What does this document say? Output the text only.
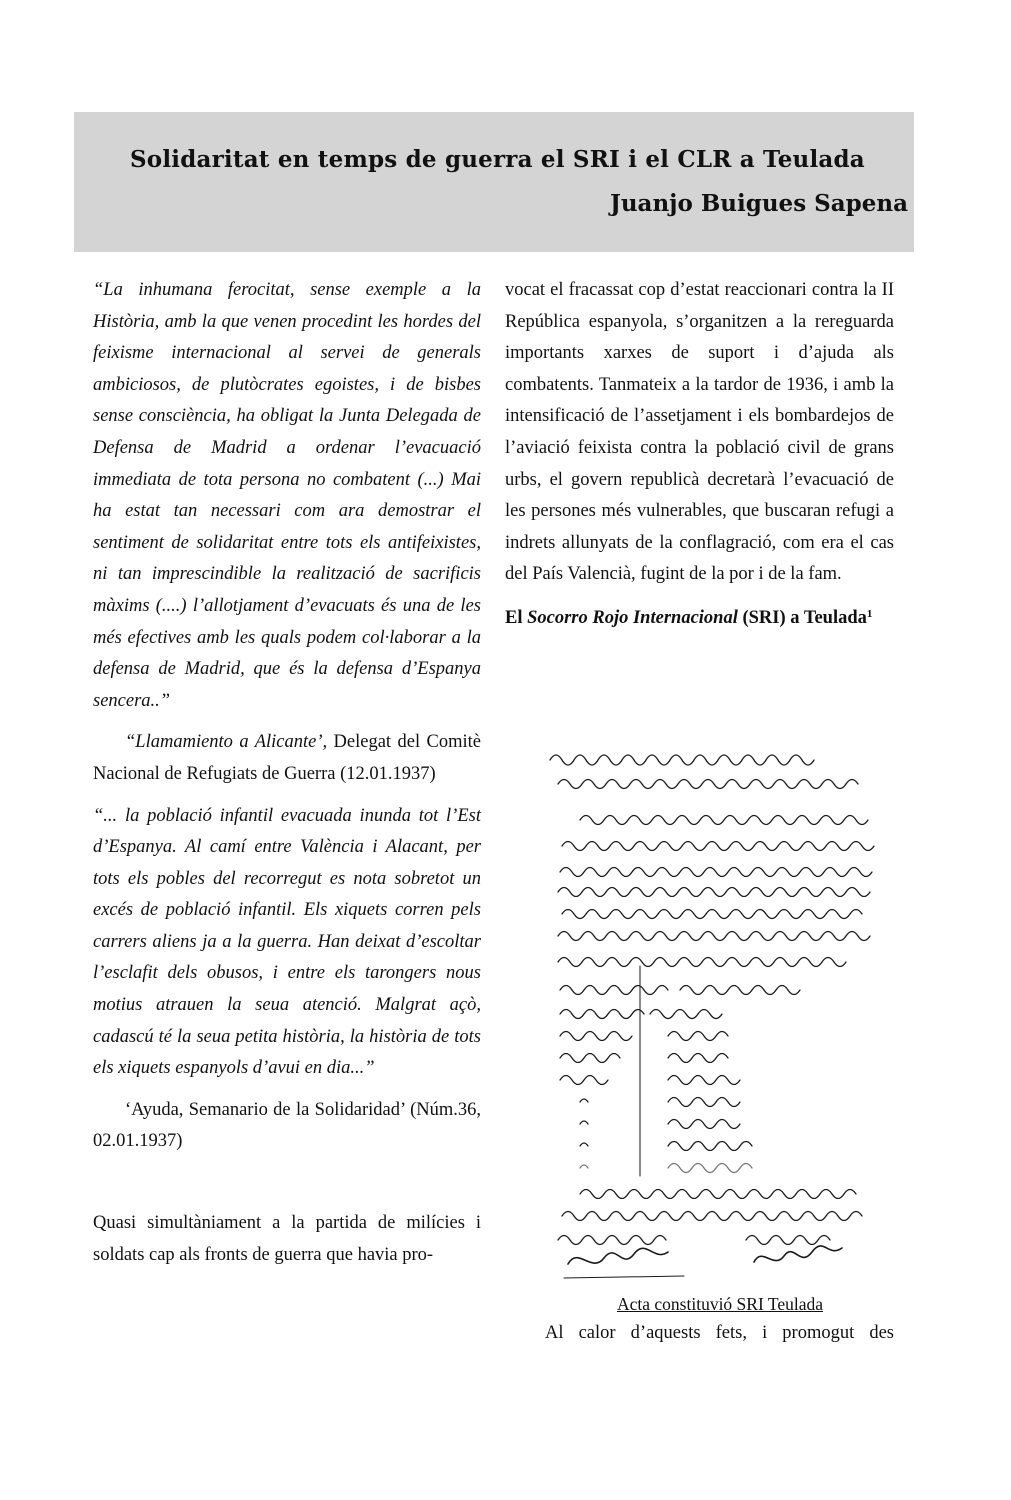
Solidaritat en temps de guerra el SRI i el CLR a Teulada
Juanjo Buigues Sapena

“La inhumana ferocitat, sense exemple a la Història, amb la que venen procedint les hordes del feixisme internacional al servei de generals ambiciosos, de plutòcrates egoistes, i de bisbes sense consciència, ha obligat la Junta Delegada de Defensa de Madrid a ordenar l’evacuació immediata de tota persona no combatent (...) Mai ha estat tan necessari com ara demostrar el sentiment de solidaritat entre tots els antifeixistes, ni tan imprescindible la realització de sacrificis màxims (....) l’allotjament d’evacuats és una de les més efectives amb les quals podem col·laborar a la defensa de Madrid, que és la defensa d’Espanya sencera..”

“Llamamiento a Alicante’, Delegat del Comitè Nacional de Refugiats de Guerra (12.01.1937)

“... la població infantil evacuada inunda tot l’Est d’Espanya. Al camí entre València i Alacant, per tots els pobles del recorregut es nota sobretot un excés de població infantil. Els xiquets corren pels carrers aliens ja a la guerra. Han deixat d’escoltar l’esclafit dels obusos, i entre els tarongers nous motius atrauen la seua atenció. Malgrat açò, cadascú té la seua petita història, la història de tots els xiquets espanyols d’avui en dia...”

‘Ayuda, Semanario de la Solidaridad’ (Núm.36, 02.01.1937)

Quasi simultàniament a la partida de milícies i soldats cap als fronts de guerra que havia pro-

vocat el fracassat cop d’estat reaccionari contra la II República espanyola, s’organitzen a la rereguarda importants xarxes de suport i d’ajuda als combatents. Tanmateix a la tardor de 1936, i amb la intensificació de l’assetjament i els bombardejos de l’aviació feixista contra la població civil de grans urbs, el govern republicà decretarà l’evacuació de les persones més vulnerables, que buscaran refugi a indrets allunyats de la conflagració, com era el cas del País Valencià, fugint de la por i de la fam.

El Socorro Rojo Internacional (SRI) a Teulada$^1$

Acta constituvió SRI Teulada

Al calor d’aquests fets, i promogut des
